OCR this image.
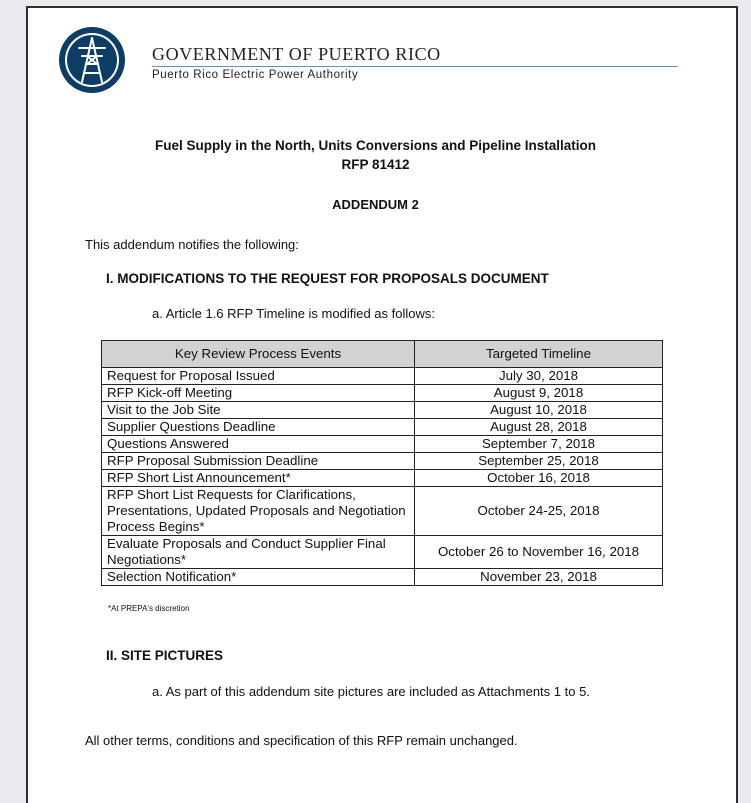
GOVERNMENT OF PUERTO RICO
Puerto Rico Electric Power Authority
Fuel Supply in the North, Units Conversions and Pipeline Installation
RFP 81412
ADDENDUM 2
This addendum notifies the following:
I. MODIFICATIONS TO THE REQUEST FOR PROPOSALS DOCUMENT
a. Article 1.6 RFP Timeline is modified as follows:
Key Review Process Events	Targeted Timeline
Request for Proposal Issued	July 30, 2018
RFP Kick-off Meeting	August 9, 2018
Visit to the Job Site	August 10, 2018
Supplier Questions Deadline	August 28, 2018
Questions Answered	September 7, 2018
RFP Proposal Submission Deadline	September 25, 2018
RFP Short List Announcement*	October 16, 2018
RFP Short List Requests for Clarifications, Presentations, Updated Proposals and Negotiation Process Begins*	October 24-25, 2018
Evaluate Proposals and Conduct Supplier Final Negotiations*	October 26 to November 16, 2018
Selection Notification*	November 23, 2018
*At PREPA's discretion
II. SITE PICTURES
a. As part of this addendum site pictures are included as Attachments 1 to 5.
All other terms, conditions and specification of this RFP remain unchanged.
